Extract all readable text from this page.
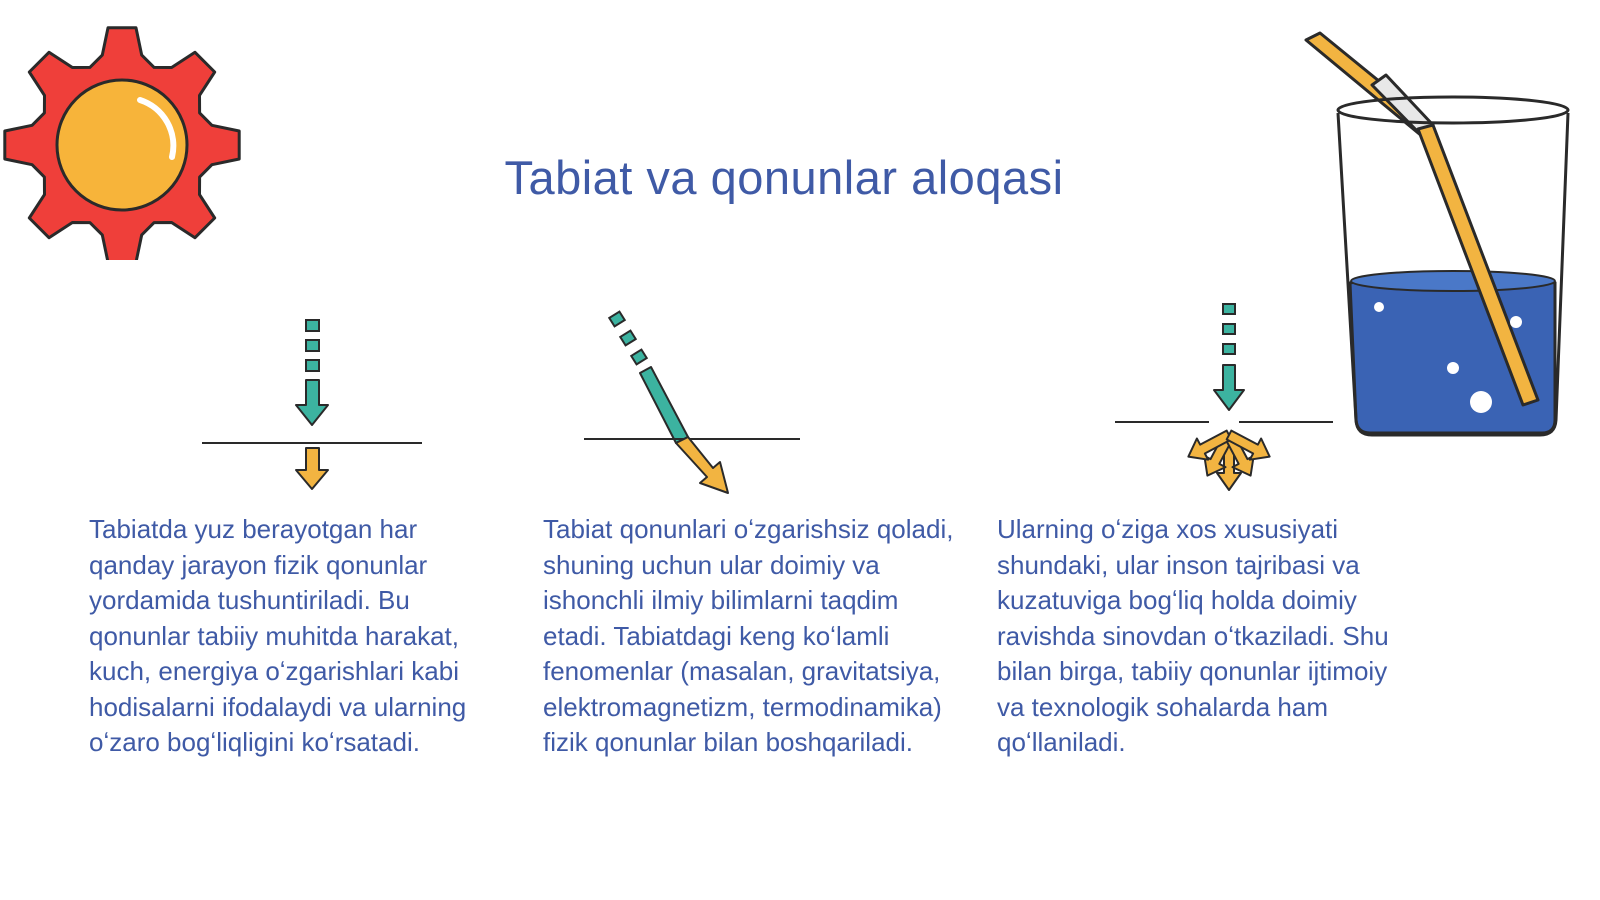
Tabiat va qonunlar aloqasi

Tabiatda yuz berayotgan har qanday jarayon fizik qonunlar yordamida tushuntiriladi. Bu qonunlar tabiiy muhitda harakat, kuch, energiya oʻzgarishlari kabi hodisalarni ifodalaydi va ularning oʻzaro bogʻliqligini koʻrsatadi.

Tabiat qonunlari oʻzgarishsiz qoladi, shuning uchun ular doimiy va ishonchli ilmiy bilimlarni taqdim etadi. Tabiatdagi keng koʻlamli fenomenlar (masalan, gravitatsiya, elektromagnetizm, termodinamika) fizik qonunlar bilan boshqariladi.

Ularning oʻziga xos xususiyati shundaki, ular inson tajribasi va kuzatuviga bogʻliq holda doimiy ravishda sinovdan oʻtkaziladi. Shu bilan birga, tabiiy qonunlar ijtimoiy va texnologik sohalarda ham qoʻllaniladi.
